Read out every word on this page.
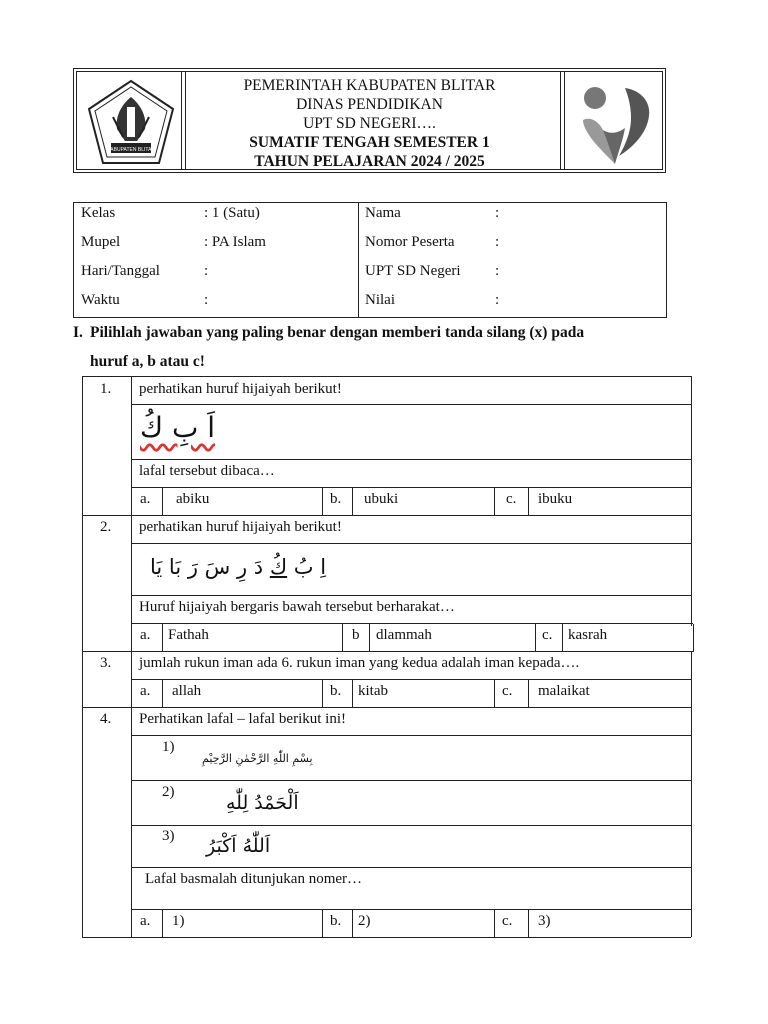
KABUPATEN BLITAR
PEMERINTAH KABUPATEN BLITAR
DINAS PENDIDIKAN
UPT SD NEGERI….
SUMATIF TENGAH SEMESTER 1
TAHUN PELAJARAN 2024 / 2025
Kelas	: 1 (Satu)
Mupel	: PA Islam
Hari/Tanggal	:
Waktu	:
Nama	:
Nomor Peserta	:
UPT SD Negeri :
Nilai	:
I. Pilihlah jawaban yang paling benar dengan memberi tanda silang (x) pada
huruf a, b atau c!
1. perhatikan huruf hijaiyah berikut!
اَ بِ كُ
lafal tersebut dibaca…
a. abiku	b. ubuki	c. ibuku
2. perhatikan huruf hijaiyah berikut!
اِ بُ كُ دَ رِ سَ رَ بَا يَا
Huruf hijaiyah bergaris bawah tersebut berharakat…
a. Fathah	b dlammah	c. kasrah
3. jumlah rukun iman ada 6. rukun iman yang kedua adalah iman kepada….
a. allah	b. kitab	c. malaikat
4. Perhatikan lafal – lafal berikut ini!
1)
بِسْمِ اللّٰهِ الرَّحْمٰنِ الرَّحِيْمِ
2)	اَلْحَمْدُ لِلّٰهِ
3) اَللّٰهُ اَكْبَرُ
Lafal basmalah ditunjukan nomer…
a. 1)	b. 2)	c. 3)
